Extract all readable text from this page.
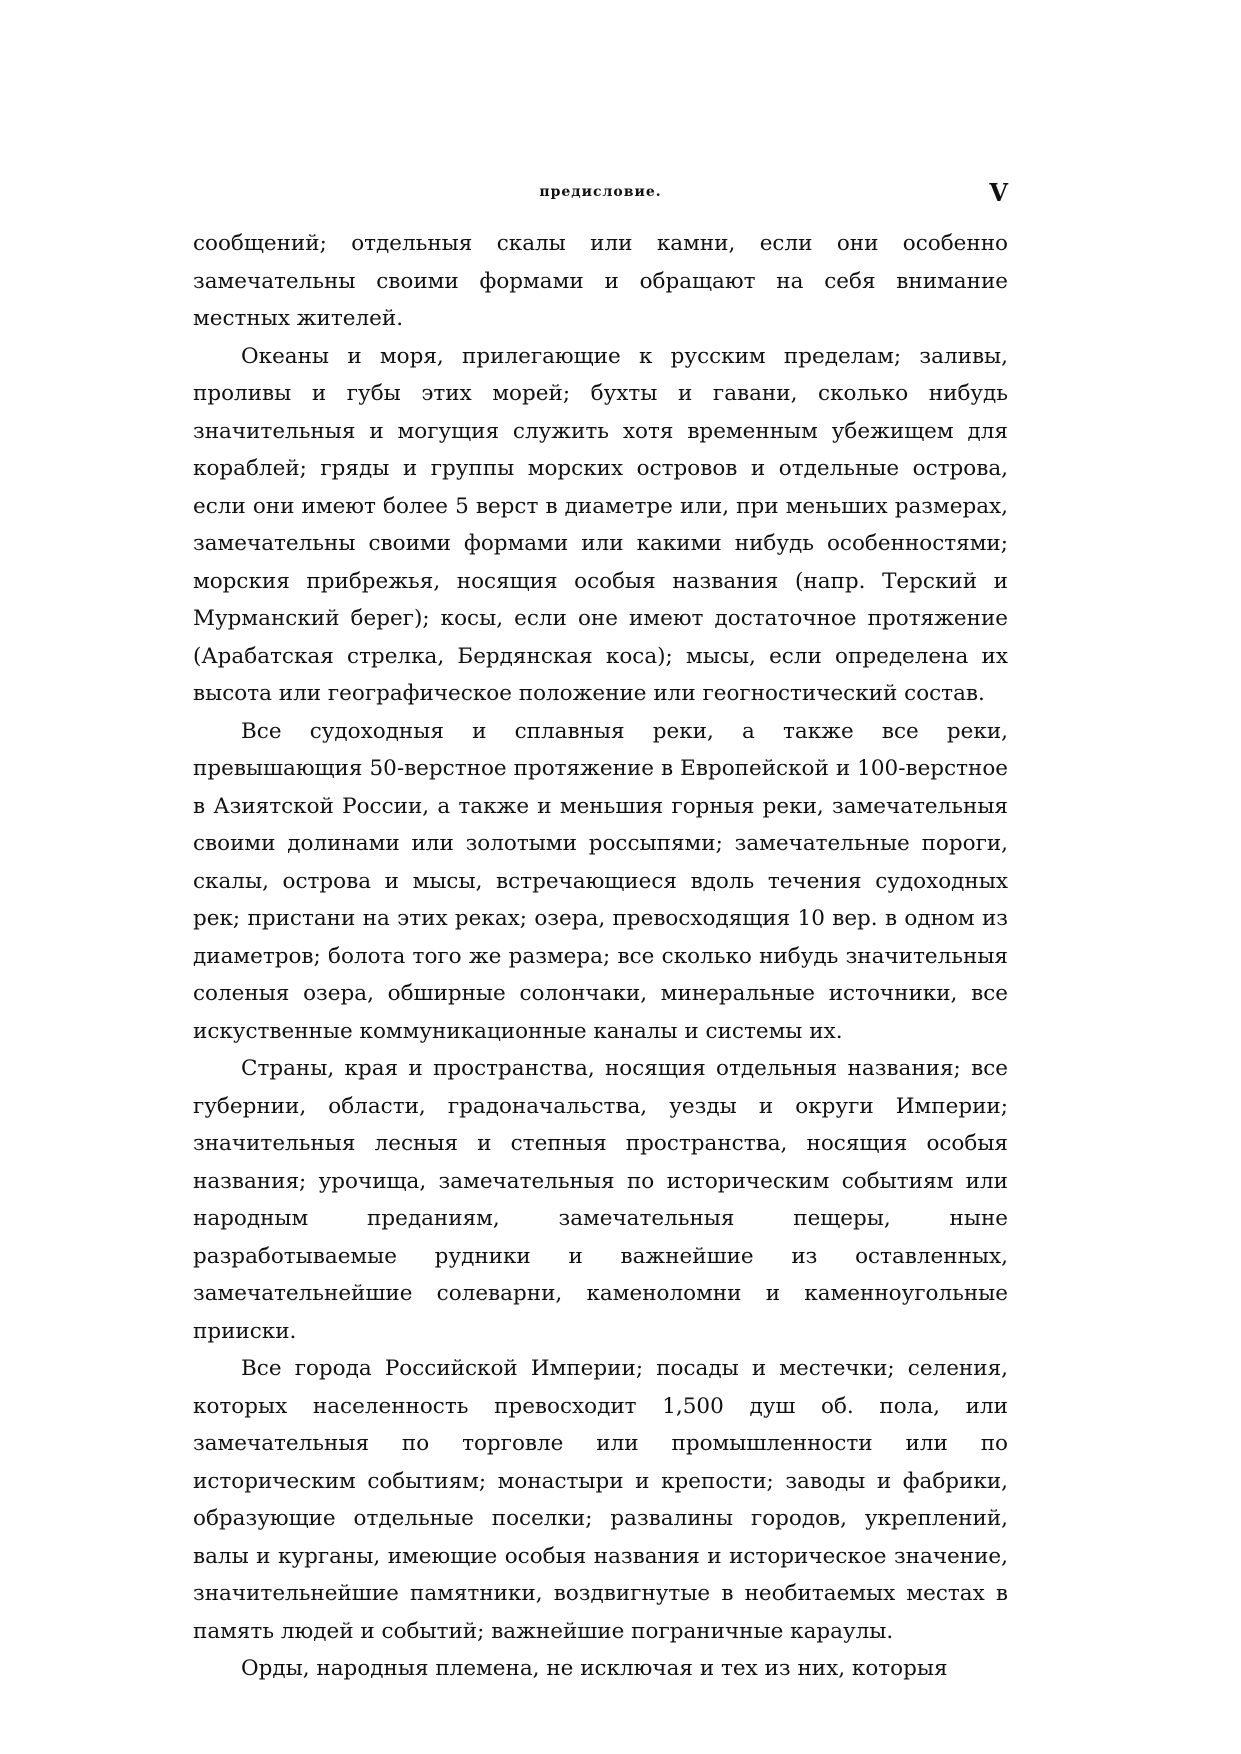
предисловие.	V

сообщений; отдельныя скалы или камни, если они особенно замечательны своими формами и обращают на себя внимание местных жителей.

Океаны и моря, прилегающие к русским пределам; заливы, проливы и губы этих морей; бухты и гавани, сколько нибудь значительныя и могущия служить хотя временным убежищем для кораблей; гряды и группы морских островов и отдельные острова, если они имеют более 5 верст в диаметре или, при меньших размерах, замечательны своими формами или какими нибудь особенностями; морския прибрежья, носящия особыя названия (напр. Терский и Мурманский берег); косы, если оне имеют достаточное протяжение (Арабатская стрелка, Бердянская коса); мысы, если определена их высота или географическое положение или геогностический состав.

Все судоходныя и сплавныя реки, а также все реки, превышающия 50-верстное протяжение в Европейской и 100-верстное в Азиятской России, а также и меньшия горныя реки, замечательныя своими долинами или золотыми россыпями; замечательные пороги, скалы, острова и мысы, встречающиеся вдоль течения судоходных рек; пристани на этих реках; озера, превосходящия 10 вер. в одном из диаметров; болота того же размера; все сколько нибудь значительныя соленыя озера, обширные солончаки, минеральные источники, все искуственные коммуникационные каналы и системы их.

Страны, края и пространства, носящия отдельныя названия; все губернии, области, градоначальства, уезды и округи Империи; значительныя лесныя и степныя пространства, носящия особыя названия; урочища, замечательныя по историческим событиям или народным преданиям, замечательныя пещеры, ныне разработываемые рудники и важнейшие из оставленных, замечательнейшие солеварни, каменоломни и каменноугольные прииски.

Все города Российской Империи; посады и местечки; селения, которых населенность превосходит 1,500 душ об. пола, или замечательныя по торговле или промышленности или по историческим событиям; монастыри и крепости; заводы и фабрики, образующие отдельные поселки; развалины городов, укреплений, валы и курганы, имеющие особыя названия и историческое значение, значительнейшие памятники, воздвигнутые в необитаемых местах в память людей и событий; важнейшие пограничные караулы.

Орды, народныя племена, не исключая и тех из них, которыя
